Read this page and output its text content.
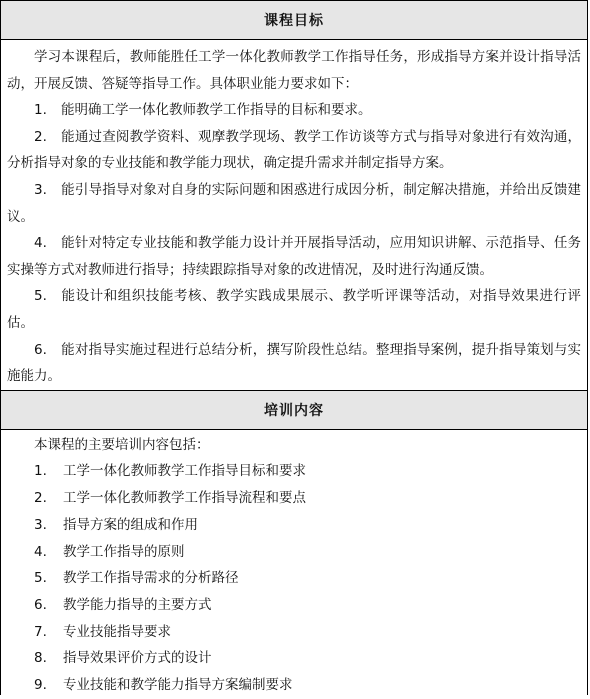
课程目标

学习本课程后，教师能胜任工学一体化教师教学工作指导任务，形成指导方案并设计指导活动，开展反馈、答疑等指导工作。具体职业能力要求如下：

1. 能明确工学一体化教师教学工作指导的目标和要求。

2. 能通过查阅教学资料、观摩教学现场、教学工作访谈等方式与指导对象进行有效沟通，分析指导对象的专业技能和教学能力现状，确定提升需求并制定指导方案。

3. 能引导指导对象对自身的实际问题和困惑进行成因分析，制定解决措施，并给出反馈建议。

4. 能针对特定专业技能和教学能力设计并开展指导活动，应用知识讲解、示范指导、任务实操等方式对教师进行指导；持续跟踪指导对象的改进情况，及时进行沟通反馈。

5. 能设计和组织技能考核、教学实践成果展示、教学听评课等活动，对指导效果进行评估。

6. 能对指导实施过程进行总结分析，撰写阶段性总结。整理指导案例，提升指导策划与实施能力。

培训内容

本课程的主要培训内容包括：

1. 工学一体化教师教学工作指导目标和要求

2. 工学一体化教师教学工作指导流程和要点

3. 指导方案的组成和作用

4. 教学工作指导的原则

5. 教学工作指导需求的分析路径

6. 教学能力指导的主要方式

7. 专业技能指导要求

8. 指导效果评价方式的设计

9. 专业技能和教学能力指导方案编制要求
